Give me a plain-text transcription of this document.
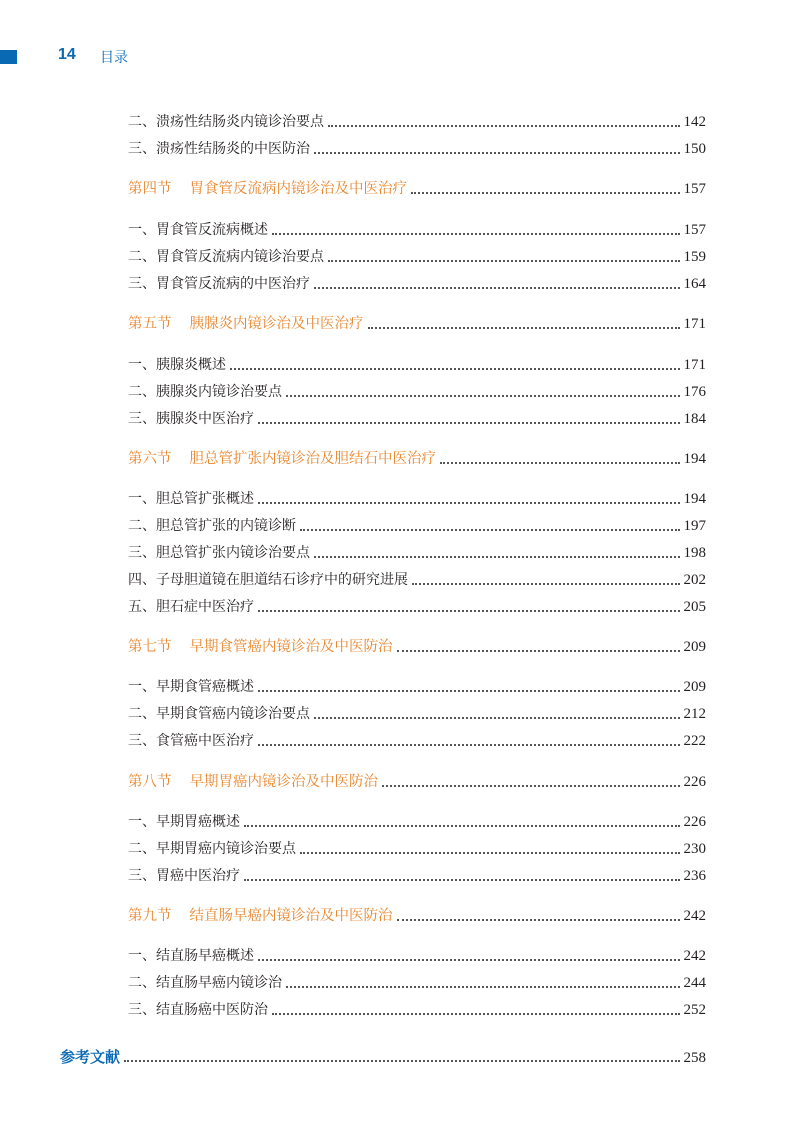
14 目录
二、溃疡性结肠炎内镜诊治要点	142
三、溃疡性结肠炎的中医防治	150
第四节 胃食管反流病内镜诊治及中医治疗	157
一、胃食管反流病概述	157
二、胃食管反流病内镜诊治要点	159
三、胃食管反流病的中医治疗	164
第五节 胰腺炎内镜诊治及中医治疗	171
一、胰腺炎概述	171
二、胰腺炎内镜诊治要点	176
三、胰腺炎中医治疗	184
第六节 胆总管扩张内镜诊治及胆结石中医治疗	194
一、胆总管扩张概述	194
二、胆总管扩张的内镜诊断	197
三、胆总管扩张内镜诊治要点	198
四、子母胆道镜在胆道结石诊疗中的研究进展	202
五、胆石症中医治疗	205
第七节 早期食管癌内镜诊治及中医防治	209
一、早期食管癌概述	209
二、早期食管癌内镜诊治要点	212
三、食管癌中医治疗	222
第八节 早期胃癌内镜诊治及中医防治	226
一、早期胃癌概述	226
二、早期胃癌内镜诊治要点	230
三、胃癌中医治疗	236
第九节 结直肠早癌内镜诊治及中医防治	242
一、结直肠早癌概述	242
二、结直肠早癌内镜诊治	244
三、结直肠癌中医防治	252
参考文献	258
